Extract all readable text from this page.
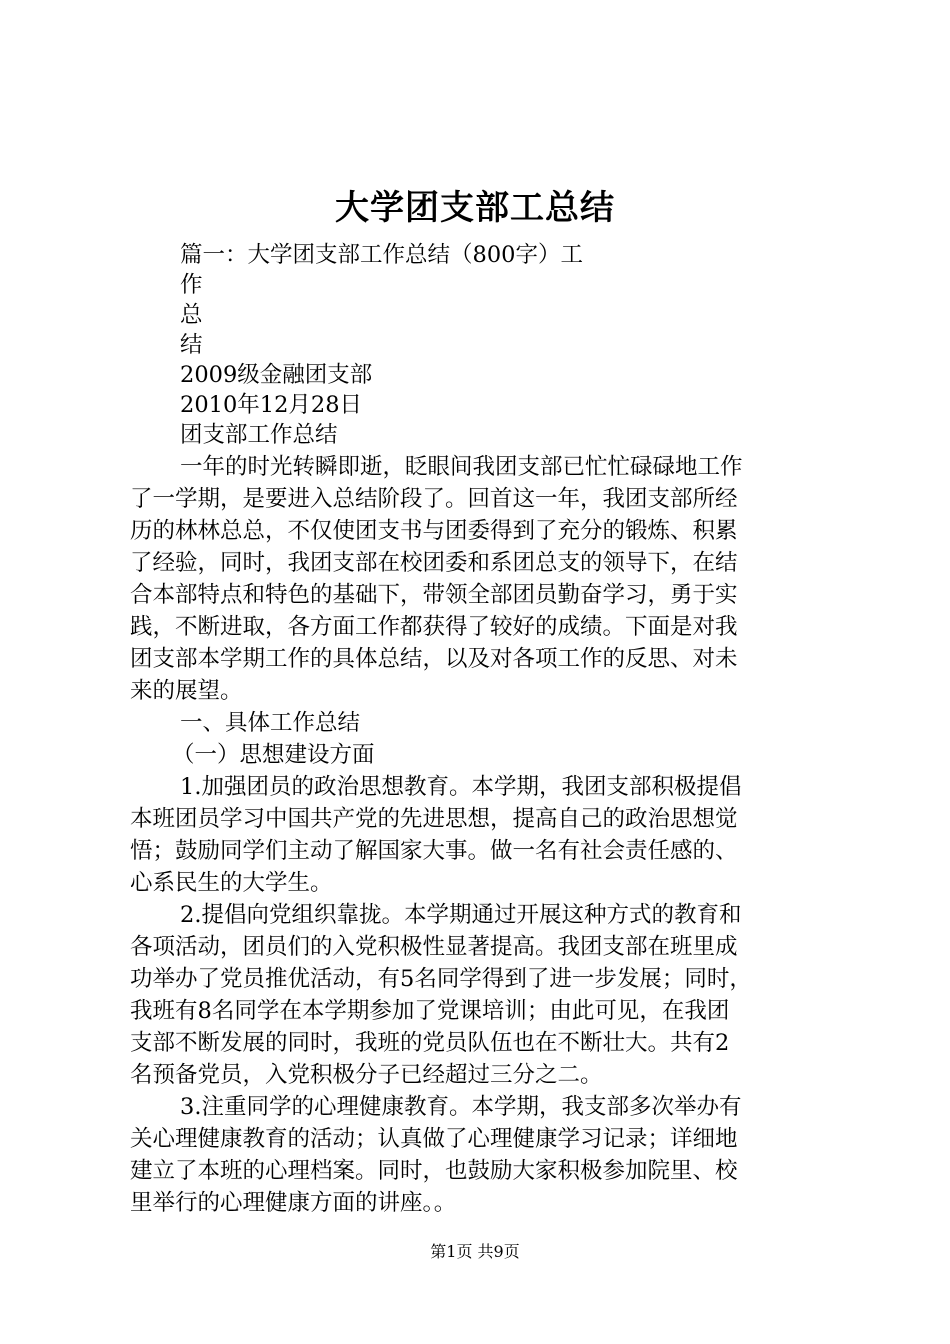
大学团支部工总结

篇一：大学团支部工作总结（800字）工

作

总

结

2009级金融团支部

2010年12月28日

团支部工作总结

一年的时光转瞬即逝，眨眼间我团支部已忙忙碌碌地工作

了一学期，是要进入总结阶段了。回首这一年，我团支部所经

历的林林总总，不仅使团支书与团委得到了充分的锻炼、积累

了经验，同时，我团支部在校团委和系团总支的领导下，在结

合本部特点和特色的基础下，带领全部团员勤奋学习，勇于实

践，不断进取，各方面工作都获得了较好的成绩。下面是对我

团支部本学期工作的具体总结，以及对各项工作的反思、对未

来的展望。

一、具体工作总结

（一）思想建设方面

1.加强团员的政治思想教育。本学期，我团支部积极提倡

本班团员学习中国共产党的先进思想，提高自己的政治思想觉

悟；鼓励同学们主动了解国家大事。做一名有社会责任感的、

心系民生的大学生。

2.提倡向党组织靠拢。本学期通过开展这种方式的教育和

各项活动，团员们的入党积极性显著提高。我团支部在班里成

功举办了党员推优活动，有5名同学得到了进一步发展；同时，

我班有8名同学在本学期参加了党课培训；由此可见，在我团

支部不断发展的同时，我班的党员队伍也在不断壮大。共有2

名预备党员，入党积极分子已经超过三分之二。

3.注重同学的心理健康教育。本学期，我支部多次举办有

关心理健康教育的活动；认真做了心理健康学习记录；详细地

建立了本班的心理档案。同时，也鼓励大家积极参加院里、校

里举行的心理健康方面的讲座。。

第1页 共9页
